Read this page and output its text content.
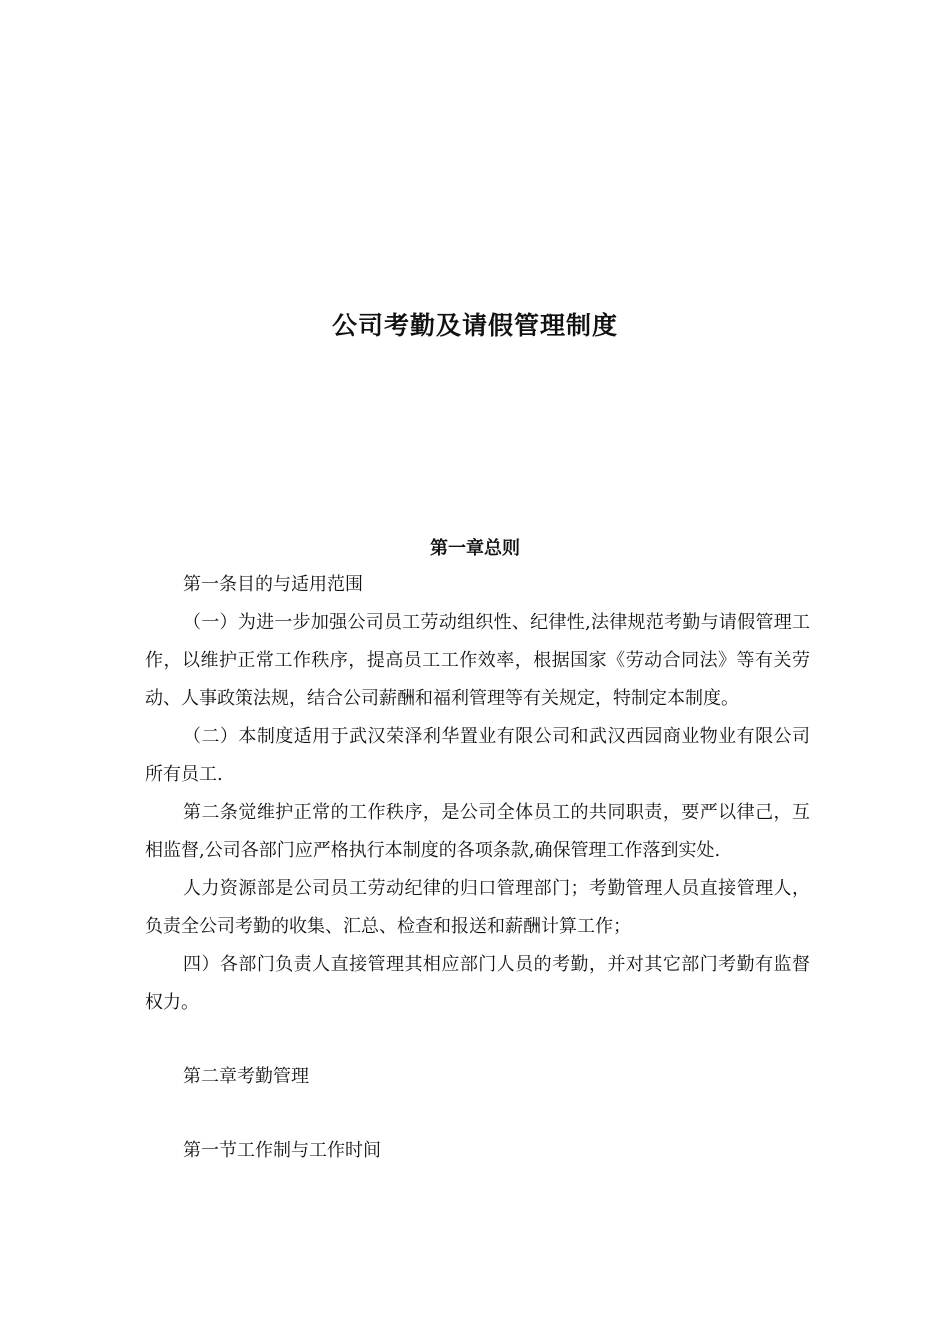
公司考勤及请假管理制度
第一章总则

第一条目的与适用范围

（一）为进一步加强公司员工劳动组织性、纪律性,法律规范考勤与请假管理工作，以维护正常工作秩序，提高员工工作效率，根据国家《劳动合同法》等有关劳动、人事政策法规，结合公司薪酬和福利管理等有关规定，特制定本制度。

（二）本制度适用于武汉荣泽利华置业有限公司和武汉西园商业物业有限公司所有员工.

第二条觉维护正常的工作秩序，是公司全体员工的共同职责，要严以律己，互相监督,公司各部门应严格执行本制度的各项条款,确保管理工作落到实处.

人力资源部是公司员工劳动纪律的归口管理部门；考勤管理人员直接管理人，负责全公司考勤的收集、汇总、检查和报送和薪酬计算工作；

四）各部门负责人直接管理其相应部门人员的考勤，并对其它部门考勤有监督权力。

第二章考勤管理

第一节工作制与工作时间
